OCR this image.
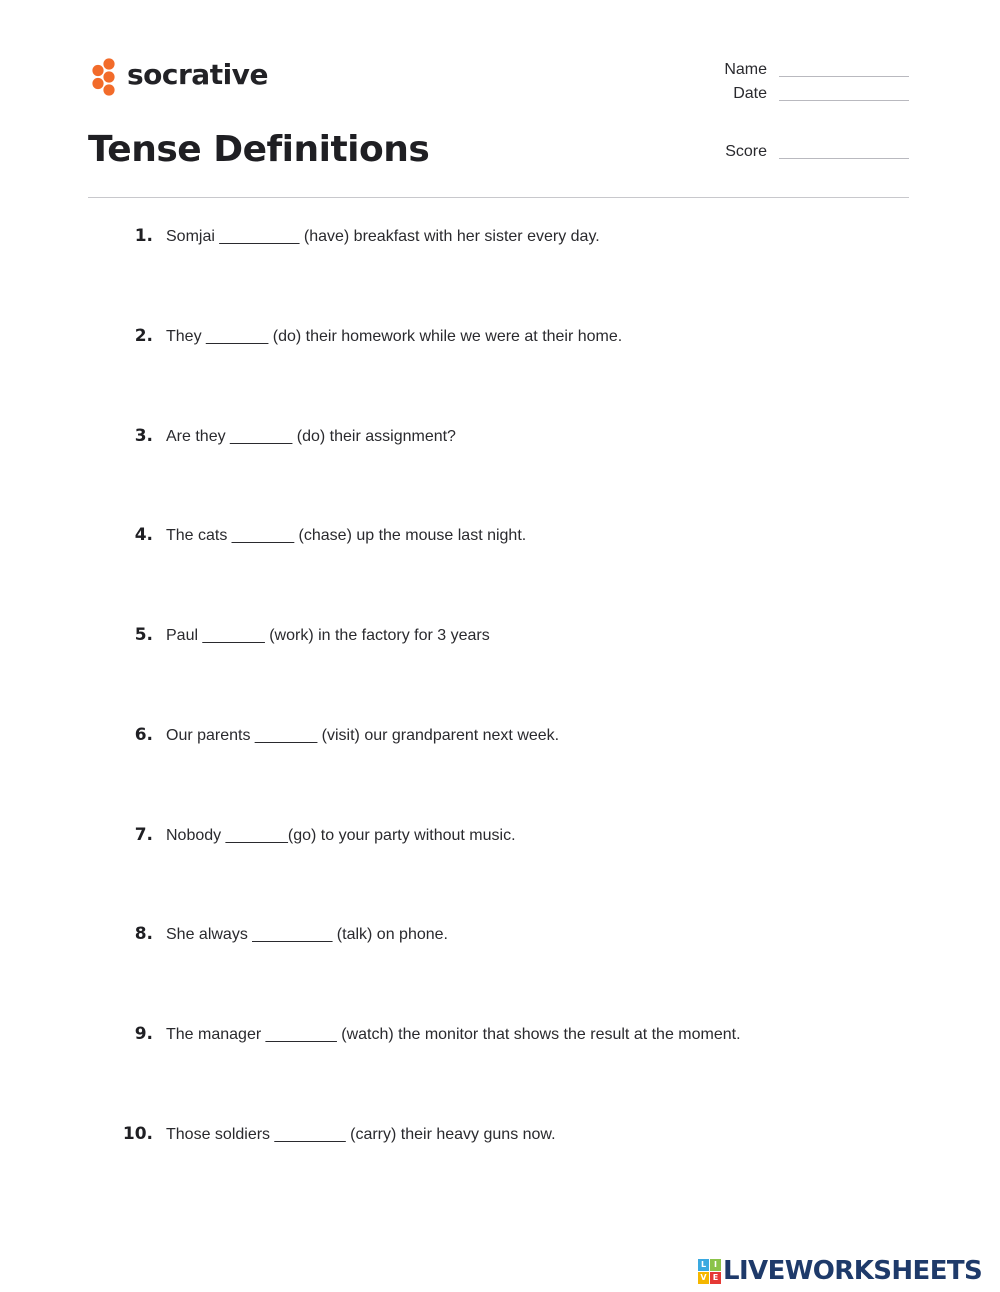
socrative	Name
Date
Score
Tense Definitions
1. Somjai _________ (have) breakfast with her sister every day.
2. They _______ (do) their homework while we were at their home.
3. Are they _______ (do) their assignment?
4. The cats _______ (chase) up the mouse last night.
5. Paul _______ (work) in the factory for 3 years
6. Our parents _______ (visit) our grandparent next week.
7. Nobody _______(go) to your party without music.
8. She always _________ (talk) on phone.
9. The manager ________ (watch) the monitor that shows the result at the moment.
10. Those soldiers ________ (carry) their heavy guns now.
L I
V E LIVEWORKSHEETS
